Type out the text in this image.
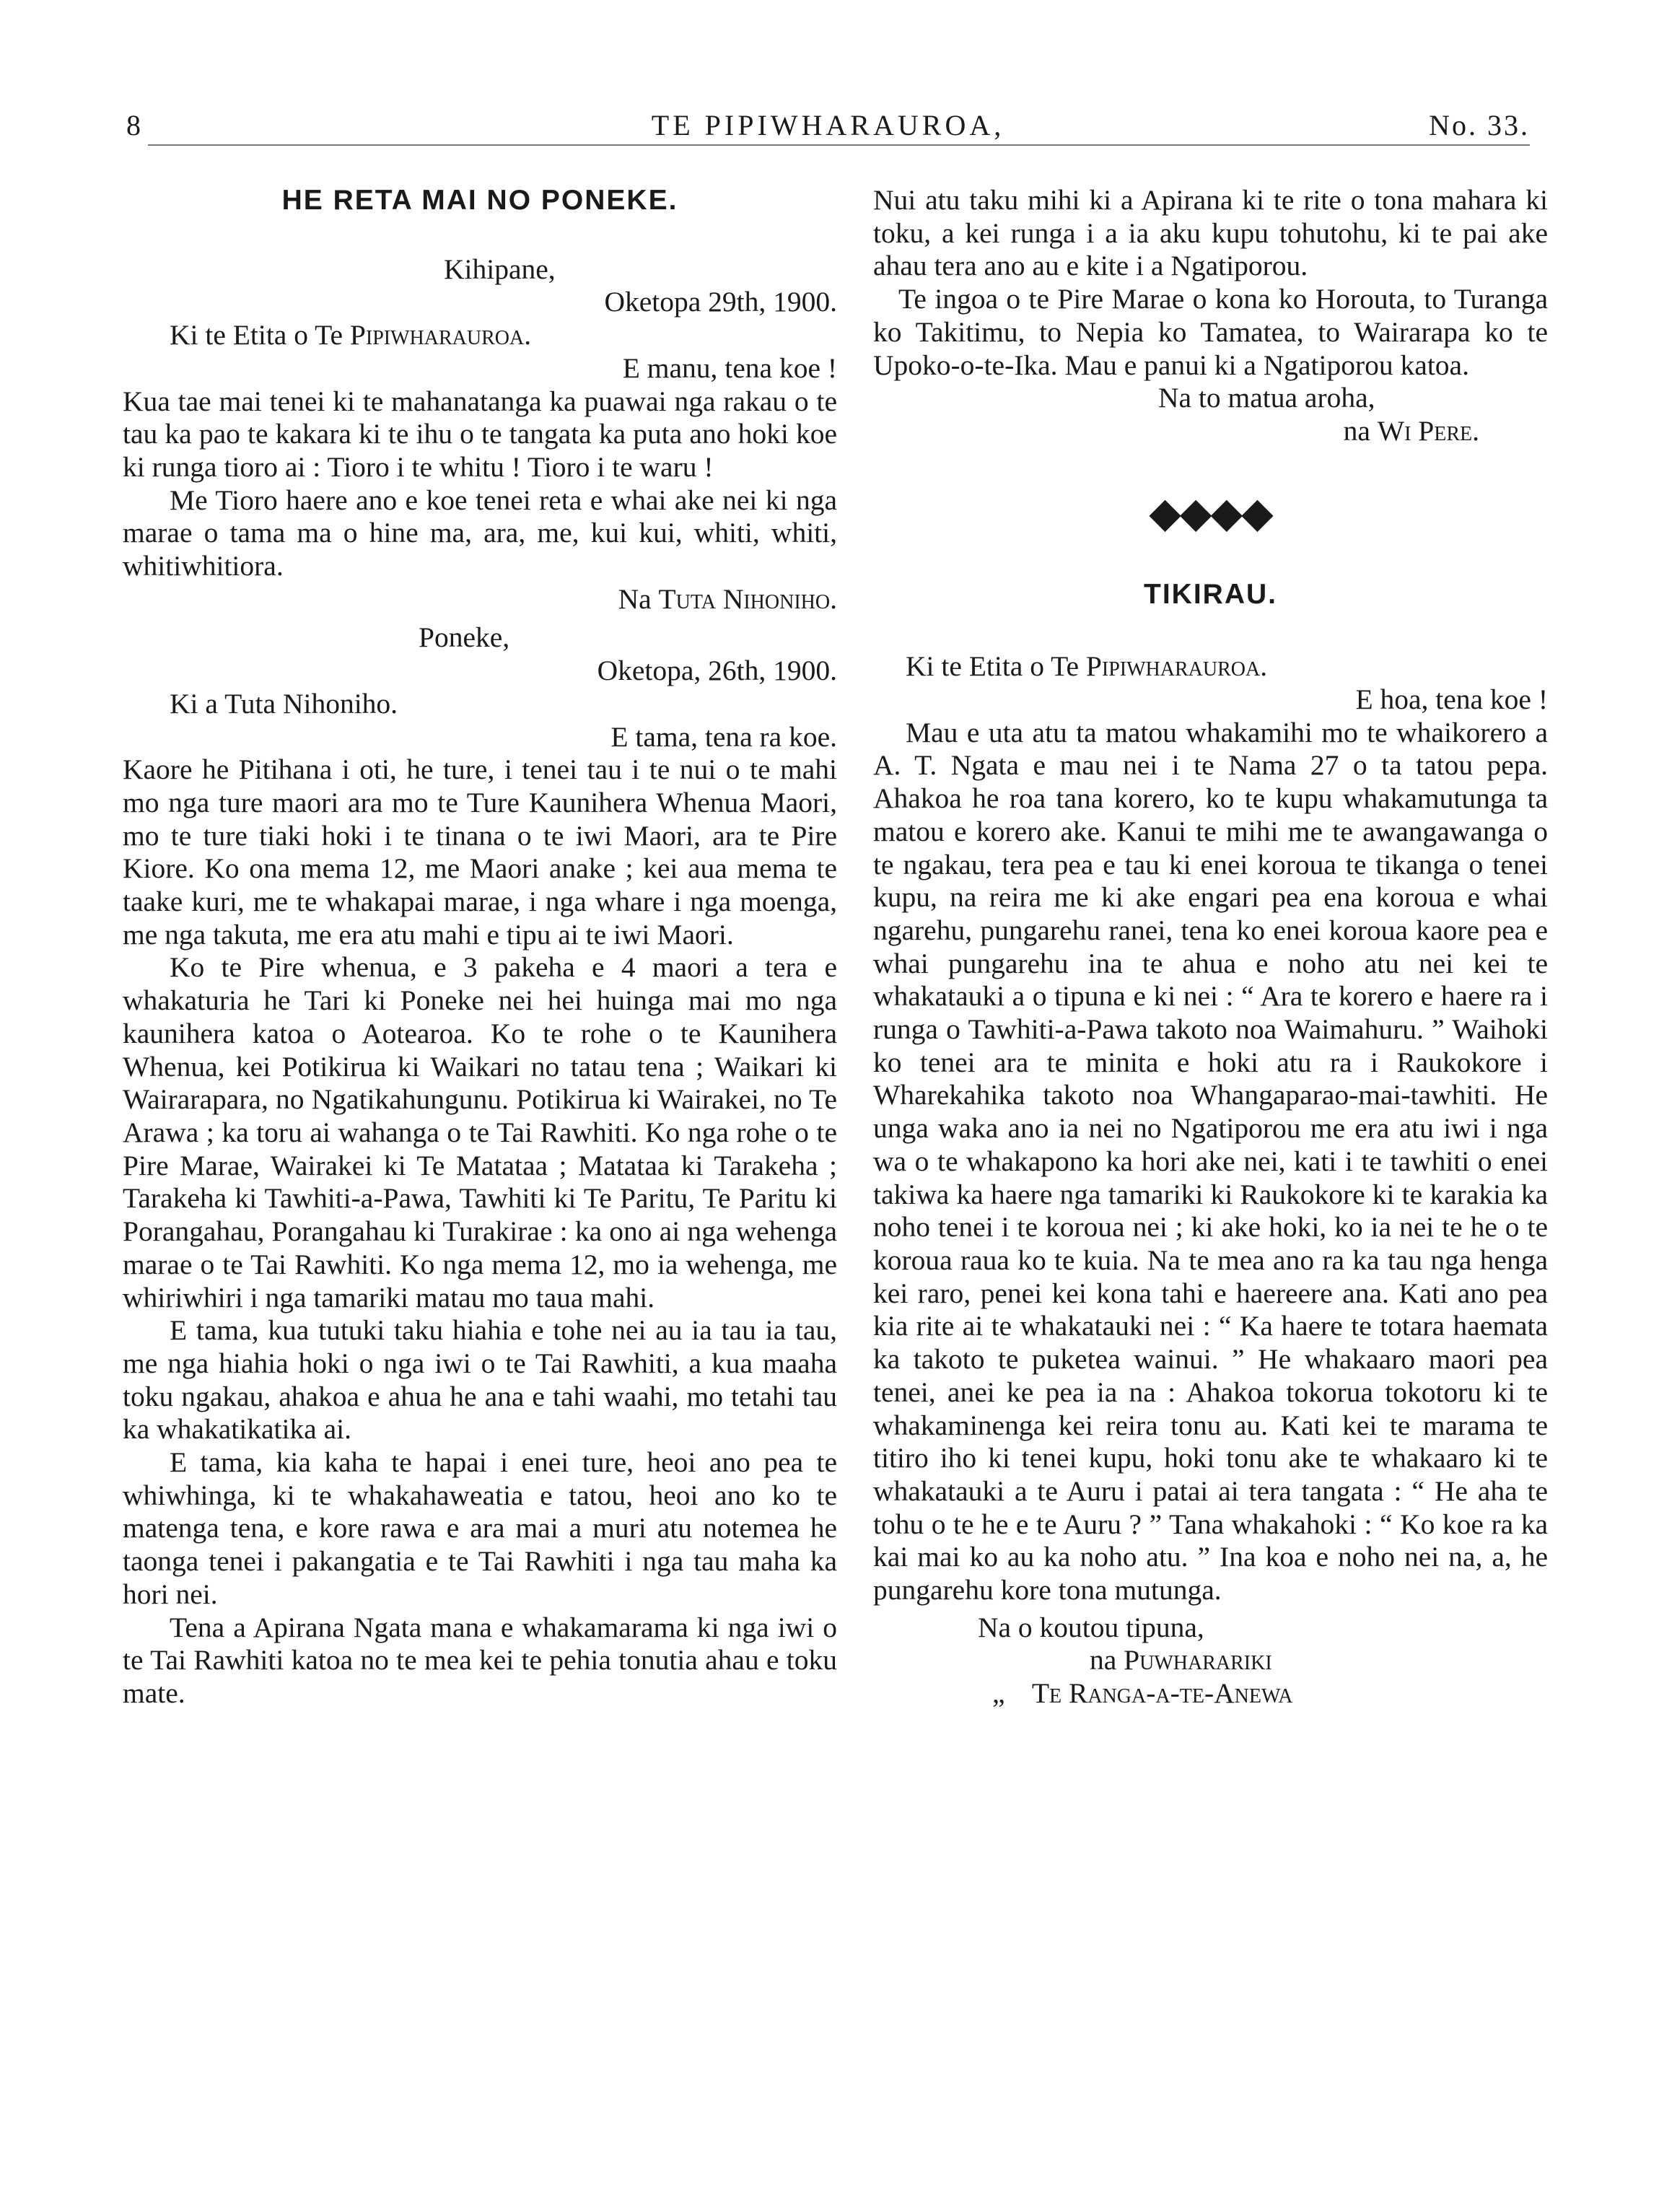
8	TE PIPIWHARAUROA,	No. 33.
HE RETA MAI NO PONEKE.
Kihipane,
Oketopa 29th, 1900.
Ki te Etita o Te Pipiwharauroa.
E manu, tena koe !

Kua tae mai tenei ki te mahanatanga ka puawai nga rakau o te tau ka pao te kakara ki te ihu o te tangata ka puta ano hoki koe ki runga tioro ai : Tioro i te whitu ! Tioro i te waru !

Me Tioro haere ano e koe tenei reta e whai ake nei ki nga marae o tama ma o hine ma, ara, me, kui kui, whiti, whiti, whitiwhitiora.

Na Tuta Nihoniho.
Poneke,
Oketopa, 26th, 1900.
Ki a Tuta Nihoniho.
E tama, tena ra koe.

Kaore he Pitihana i oti, he ture, i tenei tau i te nui o te mahi mo nga ture maori ara mo te Ture Kaunihera Whenua Maori, mo te ture tiaki hoki i te tinana o te iwi Maori, ara te Pire Kiore. Ko ona mema 12, me Maori anake ; kei aua mema te taake kuri, me te whakapai marae, i nga whare i nga moenga, me nga takuta, me era atu mahi e tipu ai te iwi Maori.

Ko te Pire whenua, e 3 pakeha e 4 maori a tera e whakaturia he Tari ki Poneke nei hei huinga mai mo nga kaunihera katoa o Aotearoa. Ko te rohe o te Kaunihera Whenua, kei Potikirua ki Waikari no tatau tena ; Waikari ki Wairarapara, no Ngatikahungunu. Potikirua ki Wairakei, no Te Arawa ; ka toru ai wahanga o te Tai Rawhiti. Ko nga rohe o te Pire Marae, Wairakei ki Te Matataa ; Matataa ki Tarakeha ; Tarakeha ki Tawhiti-a-Pawa, Tawhiti ki Te Paritu, Te Paritu ki Porangahau, Porangahau ki Turakirae : ka ono ai nga wehenga marae o te Tai Rawhiti. Ko nga mema 12, mo ia wehenga, me whiriwhiri i nga tamariki matau mo taua mahi.

E tama, kua tutuki taku hiahia e tohe nei au ia tau ia tau, me nga hiahia hoki o nga iwi o te Tai Rawhiti, a kua maaha toku ngakau, ahakoa e ahua he ana e tahi waahi, mo tetahi tau ka whakatikatika ai.

E tama, kia kaha te hapai i enei ture, heoi ano pea te whiwhinga, ki te whakahaweatia e tatou, heoi ano ko te matenga tena, e kore rawa e ara mai a muri atu notemea he taonga tenei i pakangatia e te Tai Rawhiti i nga tau maha ka hori nei.

Tena a Apirana Ngata mana e whakamarama ki nga iwi o te Tai Rawhiti katoa no te mea kei te pehia tonutia ahau e toku mate.

Nui atu taku mihi ki a Apirana ki te rite o tona mahara ki toku, a kei runga i a ia aku kupu tohutohu, ki te pai ake ahau tera ano au e kite i a Ngatiporou.

Te ingoa o te Pire Marae o kona ko Horouta, to Turanga ko Takitimu, to Nepia ko Tamatea, to Wairarapa ko te Upoko-o-te-Ika. Mau e panui ki a Ngatiporou katoa.

Na to matua aroha,
na Wi Pere.
◆◆◆◆
TIKIRAU.
Ki te Etita o Te Pipiwharauroa.
E hoa, tena koe !

Mau e uta atu ta matou whakamihi mo te whaikorero a A. T. Ngata e mau nei i te Nama 27 o ta tatou pepa. Ahakoa he roa tana korero, ko te kupu whakamutunga ta matou e korero ake. Kanui te mihi me te awangawanga o te ngakau, tera pea e tau ki enei koroua te tikanga o tenei kupu, na reira me ki ake engari pea ena koroua e whai ngarehu, pungarehu ranei, tena ko enei koroua kaore pea e whai pungarehu ina te ahua e noho atu nei kei te whakatauki a o tipuna e ki nei : “ Ara te korero e haere ra i runga o Tawhiti-a-Pawa takoto noa Waimahuru. ” Waihoki ko tenei ara te minita e hoki atu ra i Raukokore i Wharekahika takoto noa Whangaparao-mai-tawhiti. He unga waka ano ia nei no Ngatiporou me era atu iwi i nga wa o te whakapono ka hori ake nei, kati i te tawhiti o enei takiwa ka haere nga tamariki ki Raukokore ki te karakia ka noho tenei i te koroua nei ; ki ake hoki, ko ia nei te he o te koroua raua ko te kuia. Na te mea ano ra ka tau nga henga kei raro, penei kei kona tahi e haereere ana. Kati ano pea kia rite ai te whakatauki nei : “ Ka haere te totara haemata ka takoto te puketea wainui. ” He whakaaro maori pea tenei, anei ke pea ia na : Ahakoa tokorua tokotoru ki te whakaminenga kei reira tonu au. Kati kei te marama te titiro iho ki tenei kupu, hoki tonu ake te whakaaro ki te whakatauki a te Auru i patai ai tera tangata : “ He aha te tohu o te he e te Auru ? ” Tana whakahoki : “ Ko koe ra ka kai mai ko au ka noho atu. ” Ina koa e noho nei na, a, he pungarehu kore tona mutunga.

Na o koutou tipuna,
na Puwharariki
„ Te Ranga-a-te-Anewa
